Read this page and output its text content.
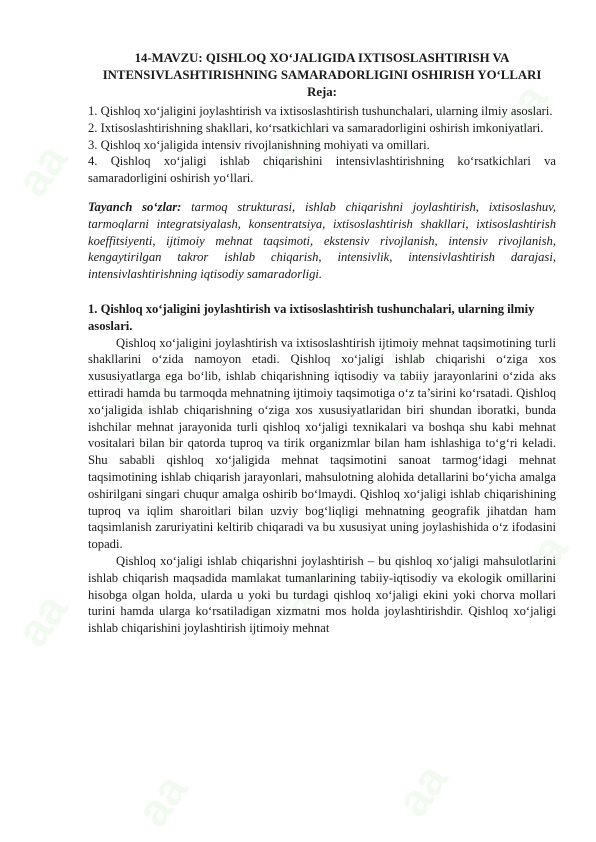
aa	aa	aa
aa	aa
aa	aa	aa
aa	aa
14-MAVZU: QISHLOQ XO‘JALIGIDA IXTISOSLASHTIRISH VA INTENSIVLASHTIRISHNING SAMARADORLIGINI OSHIRISH YO‘LLARI
Reja:

1. Qishloq xo‘jaligini joylashtirish va ixtisoslashtirish tushunchalari, ularning ilmiy asoslari.

2. Ixtisoslashtirishning shakllari, ko‘rsatkichlari va samaradorligini oshirish imkoniyatlari.

3. Qishloq xo‘jaligida intensiv rivojlanishning mohiyati va omillari.

4. Qishloq xo‘jaligi ishlab chiqarishini intensivlashtirishning ko‘rsatkichlari va samaradorligini oshirish yo‘llari.

Tayanch so‘zlar: tarmoq strukturasi, ishlab chiqarishni joylashtirish, ixtisoslashuv, tarmoqlarni integratsiyalash, konsentratsiya, ixtisoslashtirish shakllari, ixtisoslashtirish koeffitsiyenti, ijtimoiy mehnat taqsimoti, ekstensiv rivojlanish, intensiv rivojlanish, kengaytirilgan takror ishlab chiqarish, intensivlik, intensivlashtirish darajasi, intensivlashtirishning iqtisodiy samaradorligi.

1. Qishloq xo‘jaligini joylashtirish va ixtisoslashtirish tushunchalari, ularning ilmiy asoslari.

Qishloq xo‘jaligini joylashtirish va ixtisoslashtirish ijtimoiy mehnat taqsimotining turli shakllarini o‘zida namoyon etadi. Qishloq xo‘jaligi ishlab chiqarishi o‘ziga xos xususiyatlarga ega bo‘lib, ishlab chiqarishning iqtisodiy va tabiiy jarayonlarini o‘zida aks ettiradi hamda bu tarmoqda mehnatning ijtimoiy taqsimotiga o‘z ta’sirini ko‘rsatadi. Qishloq xo‘jaligida ishlab chiqarishning o‘ziga xos xususiyatlaridan biri shundan iboratki, bunda ishchilar mehnat jarayonida turli qishloq xo‘jaligi texnikalari va boshqa shu kabi mehnat vositalari bilan bir qatorda tuproq va tirik organizmlar bilan ham ishlashiga to‘g‘ri keladi. Shu sababli qishloq xo‘jaligida mehnat taqsimotini sanoat tarmog‘idagi mehnat taqsimotining ishlab chiqarish jarayonlari, mahsulotning alohida detallarini bo‘yicha amalga oshirilgani singari chuqur amalga oshirib bo‘lmaydi. Qishloq xo‘jaligi ishlab chiqarishining tuproq va iqlim sharoitlari bilan uzviy bog‘liqligi mehnatning geografik jihatdan ham taqsimlanish zaruriyatini keltirib chiqaradi va bu xususiyat uning joylashishida o‘z ifodasini topadi.

Qishloq xo‘jaligi ishlab chiqarishni joylashtirish – bu qishloq xo‘jaligi mahsulotlarini ishlab chiqarish maqsadida mamlakat tumanlarining tabiiy-iqtisodiy va ekologik omillarini hisobga olgan holda, ularda u yoki bu turdagi qishloq xo‘jaligi ekini yoki chorva mollari turini hamda ularga ko‘rsatiladigan xizmatni mos holda joylashtirishdir. Qishloq xo‘jaligi ishlab chiqarishini joylashtirish ijtimoiy mehnat
